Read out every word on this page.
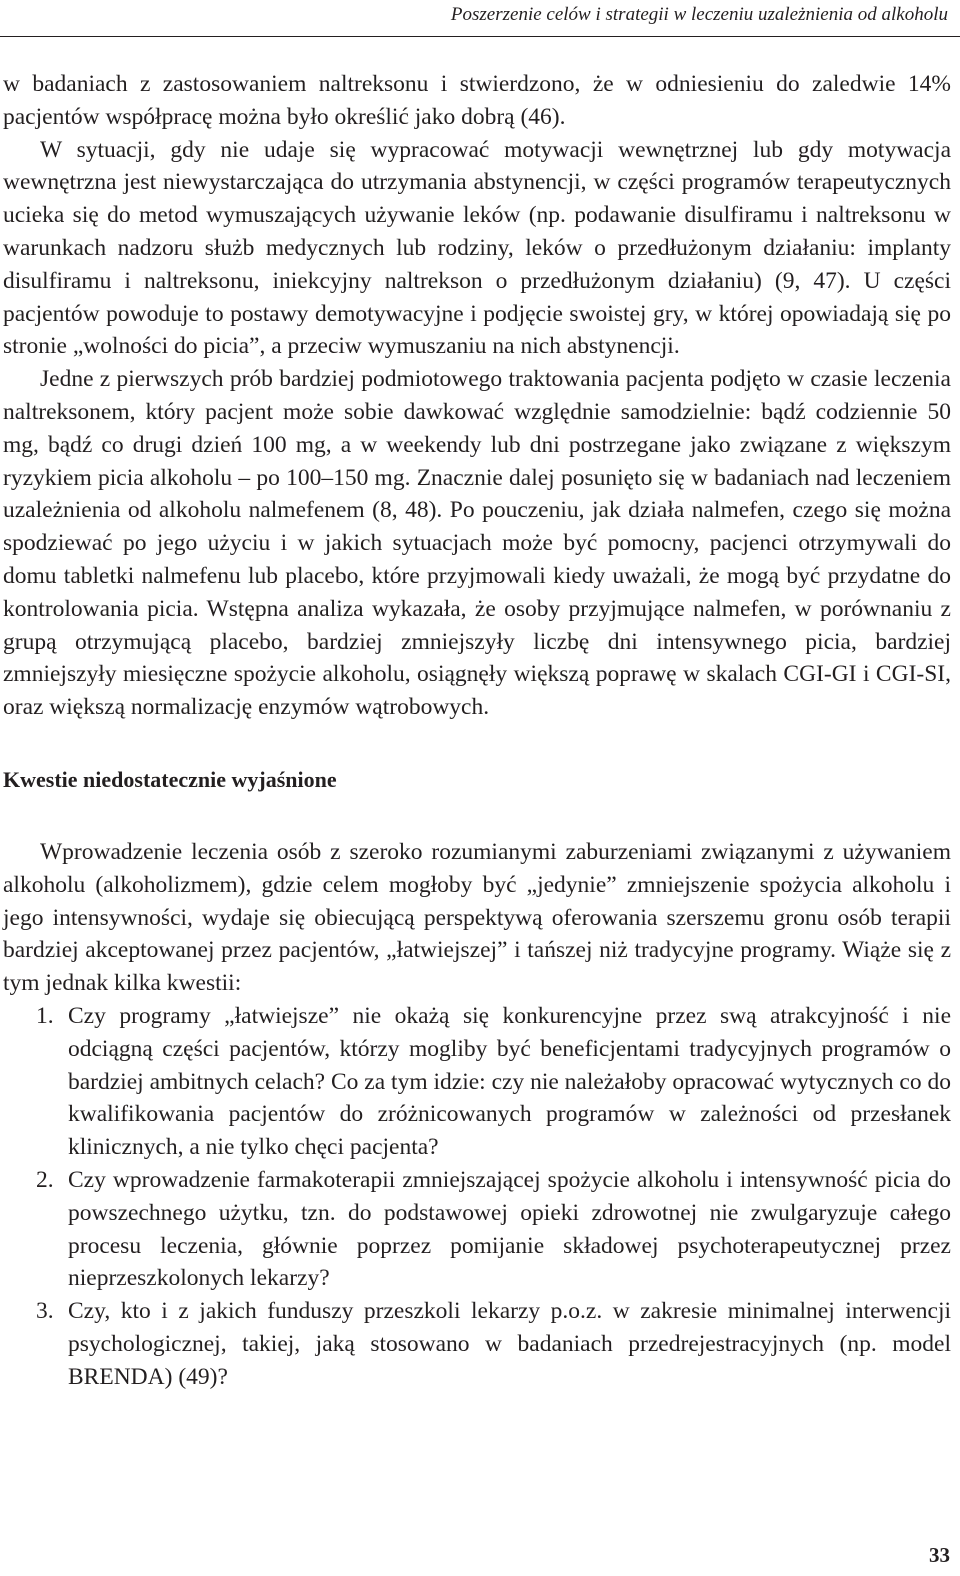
Poszerzenie celów i strategii w leczeniu uzależnienia od alkoholu

w badaniach z zastosowaniem naltreksonu i stwierdzono, że w odniesieniu do zaledwie 14% pacjentów współpracę można było określić jako dobrą (46).

W sytuacji, gdy nie udaje się wypracować motywacji wewnętrznej lub gdy motywacja wewnętrzna jest niewystarczająca do utrzymania abstynencji, w części programów terapeutycznych ucieka się do metod wymuszających używanie leków (np. podawanie disulfiramu i naltreksonu w warunkach nadzoru służb medycznych lub rodziny, leków o przedłużonym działaniu: implanty disulfiramu i naltreksonu, iniekcyjny naltrekson o przedłużonym działaniu) (9, 47). U części pacjentów powoduje to postawy demotywacyjne i podjęcie swoistej gry, w której opowiadają się po stronie „wolności do picia”, a przeciw wymuszaniu na nich abstynencji.

Jedne z pierwszych prób bardziej podmiotowego traktowania pacjenta podjęto w czasie leczenia naltreksonem, który pacjent może sobie dawkować względnie samodzielnie: bądź codziennie 50 mg, bądź co drugi dzień 100 mg, a w weekendy lub dni postrzegane jako związane z większym ryzykiem picia alkoholu – po 100–150 mg. Znacznie dalej posunięto się w badaniach nad leczeniem uzależnienia od alkoholu nalmefenem (8, 48). Po pouczeniu, jak działa nalmefen, czego się można spodziewać po jego użyciu i w jakich sytuacjach może być pomocny, pacjenci otrzymywali do domu tabletki nalmefenu lub placebo, które przyjmowali kiedy uważali, że mogą być przydatne do kontrolowania picia. Wstępna analiza wykazała, że osoby przyjmujące nalmefen, w porównaniu z grupą otrzymującą placebo, bardziej zmniejszyły liczbę dni intensywnego picia, bardziej zmniejszyły miesięczne spożycie alkoholu, osiągnęły większą poprawę w skalach CGI-GI i CGI-SI, oraz większą normalizację enzymów wątrobowych.

Kwestie niedostatecznie wyjaśnione

Wprowadzenie leczenia osób z szeroko rozumianymi zaburzeniami związanymi z używaniem alkoholu (alkoholizmem), gdzie celem mogłoby być „jedynie” zmniejszenie spożycia alkoholu i jego intensywności, wydaje się obiecującą perspektywą oferowania szerszemu gronu osób terapii bardziej akceptowanej przez pacjentów, „łatwiejszej” i tańszej niż tradycyjne programy. Wiąże się z tym jednak kilka kwestii:

1. Czy programy „łatwiejsze” nie okażą się konkurencyjne przez swą atrakcyjność i nie odciągną części pacjentów, którzy mogliby być beneficjentami tradycyjnych programów o bardziej ambitnych celach? Co za tym idzie: czy nie należałoby opracować wytycznych co do kwalifikowania pacjentów do zróżnicowanych programów w zależności od przesłanek klinicznych, a nie tylko chęci pacjenta?
2. Czy wprowadzenie farmakoterapii zmniejszającej spożycie alkoholu i intensywność picia do powszechnego użytku, tzn. do podstawowej opieki zdrowotnej nie zwulgaryzuje całego procesu leczenia, głównie poprzez pomijanie składowej psychoterapeutycznej przez nieprzeszkolonych lekarzy?
3. Czy, kto i z jakich funduszy przeszkoli lekarzy p.o.z. w zakresie minimalnej interwencji psychologicznej, takiej, jaką stosowano w badaniach przedrejestracyjnych (np. model BRENDA) (49)?
33
